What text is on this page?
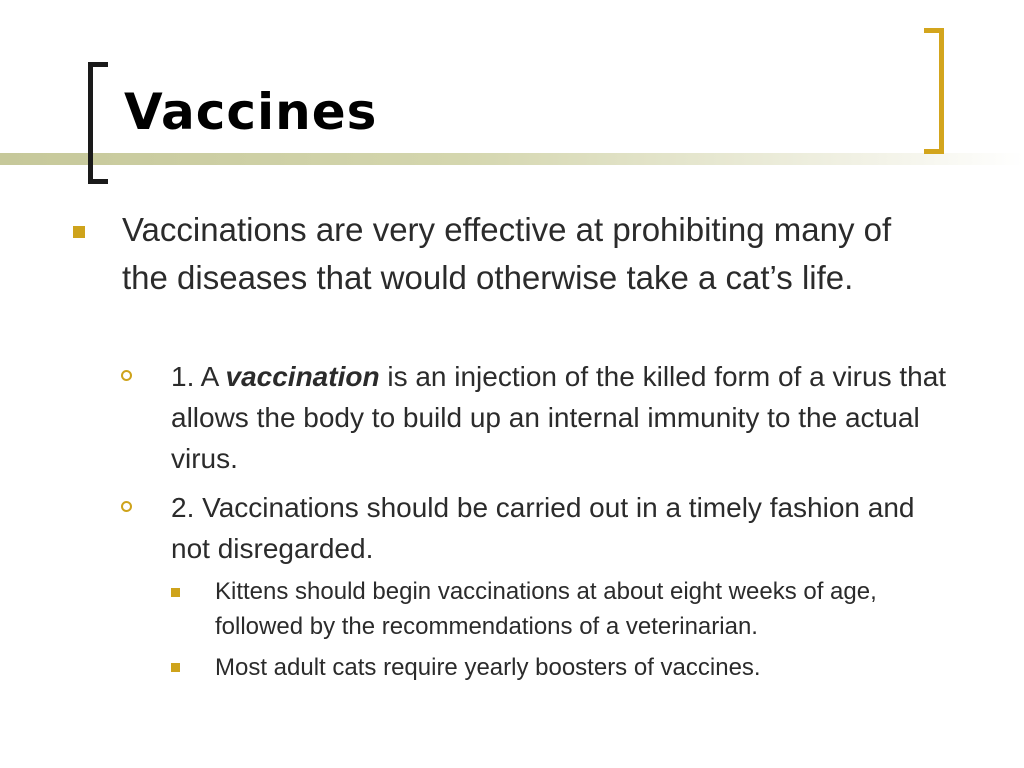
Vaccines
Vaccinations are very effective at prohibiting many of the diseases that would otherwise take a cat’s life.
1. A vaccination is an injection of the killed form of a virus that allows the body to build up an internal immunity to the actual virus.
2. Vaccinations should be carried out in a timely fashion and not disregarded.
Kittens should begin vaccinations at about eight weeks of age, followed by the recommendations of a veterinarian.
Most adult cats require yearly boosters of vaccines.
